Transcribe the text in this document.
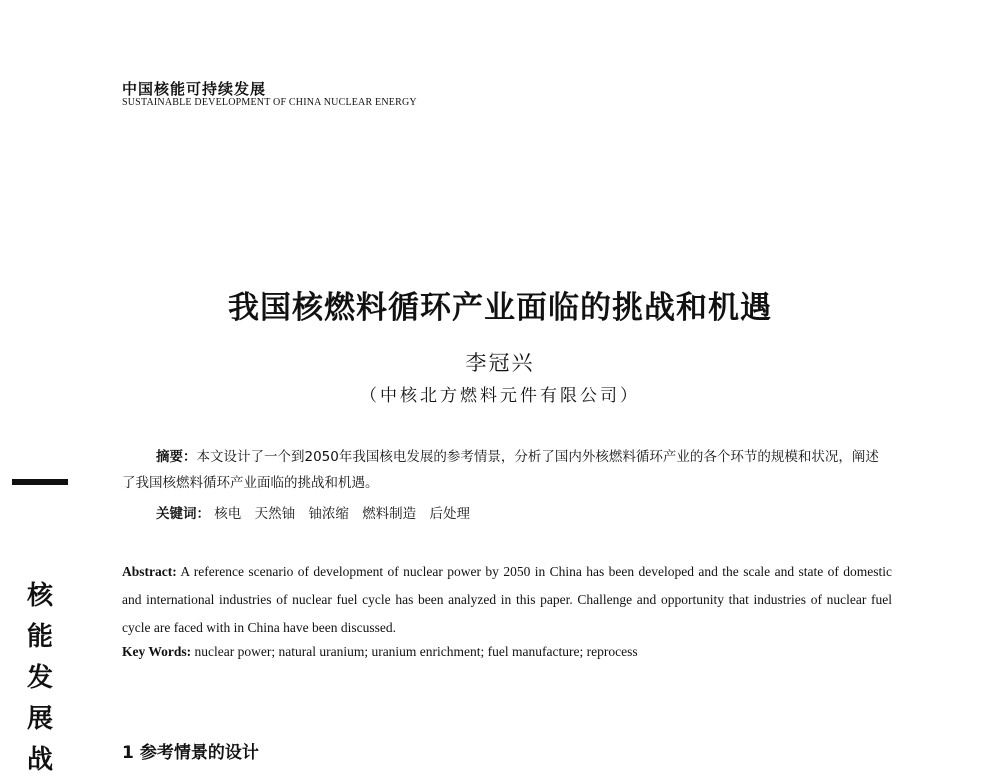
中国核能可持续发展
SUSTAINABLE DEVELOPMENT OF CHINA NUCLEAR ENERGY
我国核燃料循环产业面临的挑战和机遇
李冠兴
（中核北方燃料元件有限公司）
摘要：本文设计了一个到2050年我国核电发展的参考情景，分析了国内外核燃料循环产业的各个环节的规模和状况，阐述了我国核燃料循环产业面临的挑战和机遇。
关键词： 核电 天然铀 铀浓缩 燃料制造 后处理
Abstract: A reference scenario of development of nuclear power by 2050 in China has been developed and the scale and state of domestic and international industries of nuclear fuel cycle has been analyzed in this paper. Challenge and opportunity that industries of nuclear fuel cycle are faced with in China have been discussed.
Key Words: nuclear power; natural uranium; uranium enrichment; fuel manufacture; reprocess
1 参考情景的设计
核
能
发
展
战
